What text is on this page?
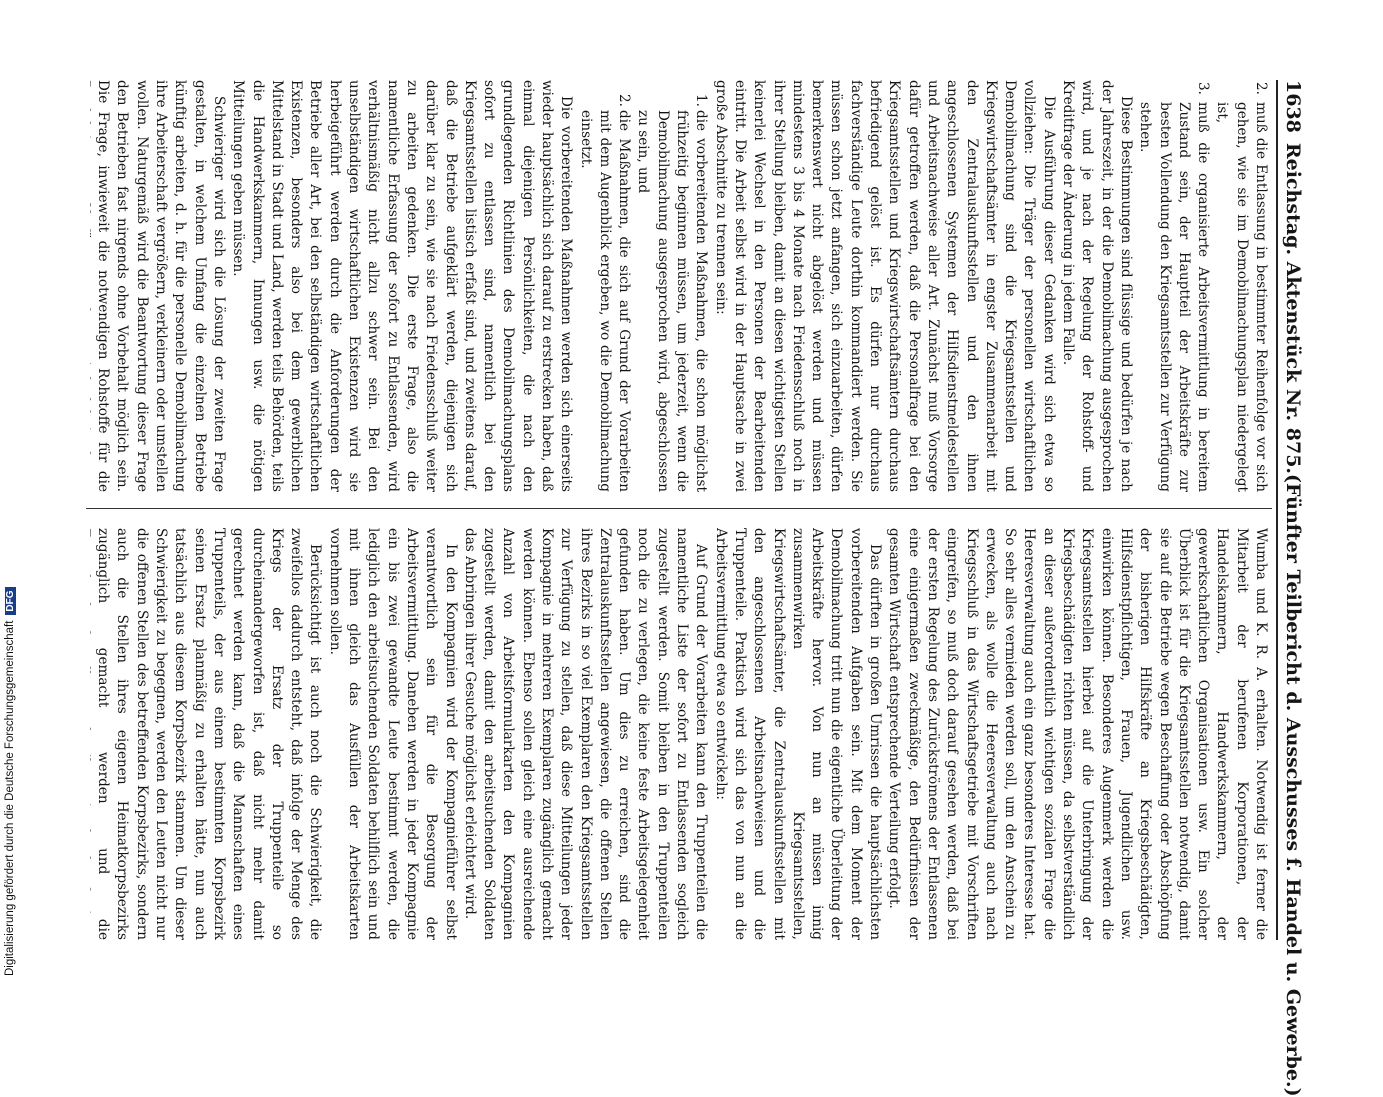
Digitalisierung gefördert durch die Deutsche ForschungsgemeinschaftDFG
1638
Reichstag. Aktenstück Nr. 875.
(Fünfter Teilbericht d. Ausschusses f. Handel u. Gewerbe.)

2.
muß die Entlassung in bestimmter Reihenfolge vor sich gehen, wie sie im Demobilmachungsplan niedergelegt ist,

3.
muß die organisierte Arbeitsvermittlung in bereitem Zustand sein, der Hauptteil der Arbeitskräfte zur besten Vollendung den Kriegsamtsstellen zur Verfügung stehen.

Diese Bestimmungen sind flüssige und bedürfen je nach der Jahreszeit, in der die Demobilmachung ausgesprochen wird, und je nach der Regelung der Rohstoff- und Kreditfrage der Änderung in jedem Falle.

Die Ausführung dieser Gedanken wird sich etwa so vollziehen: Die Träger der personellen wirtschaftlichen Demobilmachung sind die Kriegsamtsstellen und Kriegswirtschaftsämter in engster Zusammenarbeit mit den Zentralauskunftsstellen und den ihnen angeschlossenen Systemen der Hilfsdienstmeldestellen und Arbeitsnachweise aller Art. Zunächst muß Vorsorge dafür getroffen werden, daß die Personalfrage bei den Kriegsamtsstellen und Kriegswirtschaftsämtern durchaus befriedigend gelöst ist. Es dürfen nur durchaus fachverständige Leute dorthin kommandiert werden. Sie müssen schon jetzt anfangen, sich einzuarbeiten, dürfen bemerkenswert nicht abgelöst werden und müssen mindestens 3 bis 4 Monate nach Friedensschluß noch in ihrer Stellung bleiben, damit an diesen wichtigsten Stellen keinerlei Wechsel in den Personen der Bearbeitenden eintritt. Die Arbeit selbst wird in der Hauptsache in zwei große Abschnitte zu trennen sein:

1.
die vorbereitenden Maßnahmen, die schon möglichst frühzeitig beginnen müssen, um jederzeit, wenn die Demobilmachung ausgesprochen wird, abgeschlossen zu sein, und

2.
die Maßnahmen, die sich auf Grund der Vorarbeiten mit dem Augenblick ergeben, wo die Demobilmachung einsetzt.

Die vorbereitenden Maßnahmen werden sich einerseits wieder hauptsächlich sich darauf zu erstrecken haben, daß einmal diejenigen Persönlichkeiten, die nach den grundlegenden Richtlinien des Demobilmachungsplans sofort zu entlassen sind, namentlich bei den Kriegsamtsstellen listisch erfaßt sind, und zweitens darauf, daß die Betriebe aufgeklärt werden, diejenigen sich darüber klar zu sein, wie sie nach Friedensschluß weiter zu arbeiten gedenken. Die erste Frage, also die namentliche Erfassung der sofort zu Entlassenden, wird verhältnismäßig nicht allzu schwer sein. Bei den unselbständigen wirtschaftlichen Existenzen wird sie herbeigeführt werden durch die Anforderungen der Betriebe aller Art, bei den selbständigen wirtschaftlichen Existenzen, besonders also bei dem gewerblichen Mittelstand in Stadt und Land, werden teils Behörden, teils die Handwerkskammern, Innungen usw. die nötigen Mitteilungen geben müssen.

Schwieriger wird sich die Lösung der zweiten Frage gestalten, in welchem Umfang die einzelnen Betriebe künftig arbeiten, d. h. für die personelle Demobilmachung ihre Arbeiterschaft vergrößern, verkleinern oder umstellen wollen. Naturgemäß wird die Beantwortung dieser Frage den Betrieben fast nirgends ohne Vorbehalt möglich sein. Die Frage, inwieweit die notwendigen Rohstoffe für die

Wumba und K. R. A. erhalten. Notwendig ist ferner die Mitarbeit der berufenen Korporationen, der Handelskammern, Handwerkskammern, der gewerkschaftlichen Organisationen usw. Ein solcher Überblick ist für die Kriegsamtsstellen notwendig, damit sie auf die Betriebe wegen Beschaffung oder Abschöpfung der bisherigen Hilfskräfte an Kriegsbeschädigten, Hilfsdienstpflichtigen, Frauen, Jugendlichen usw. einwirken können. Besonderes Augenmerk werden die Kriegsamtsstellen hierbei auf die Unterbringung der Kriegsbeschädigten richten müssen, da selbstverständlich an dieser außerordentlich wichtigen sozialen Frage die Heeresverwaltung auch ein ganz besonderes Interesse hat. So sehr alles vermieden werden soll, um den Anschein zu erwecken, als wolle die Heeresverwaltung auch nach Kriegsschluß in das Wirtschaftsgetriebe mit Vorschriften eingreifen, so muß doch darauf gesehen werden, daß bei der ersten Regelung des Zurückströmens der Entlassenen eine einigermaßen zweckmäßige, den Bedürfnissen der gesamten Wirtschaft entsprechende Verteilung erfolgt.

Das dürften in großen Umrissen die hauptsächlichsten vorbereitenden Aufgaben sein. Mit dem Moment der Demobilmachung tritt nun die eigentliche Überleitung der Arbeitskräfte hervor. Von nun an müssen innig zusammenwirken Kriegsamtsstellen, Kriegswirtschaftsämter, die Zentralauskunftsstellen mit den angeschlossenen Arbeitsnachweisen und die Truppenteile. Praktisch wird sich das von nun an die Arbeitsvermittlung etwa so entwickeln:

Auf Grund der Vorarbeiten kann den Truppenteilen die namentliche Liste der sofort zu Entlassenden sogleich zugestellt werden. Somit bleiben in den Truppenteilen noch die zu verlegen, die keine feste Arbeitsgelegenheit gefunden haben. Um dies zu erreichen, sind die Zentralauskunftsstellen angewiesen, die offenen Stellen ihres Bezirks in so viel Exemplaren den Kriegsamtsstellen zur Verfügung zu stellen, daß diese Mitteilungen jeder Kompagnie in mehreren Exemplaren zugänglich gemacht werden können. Ebenso sollen gleich eine ausreichende Anzahl von Arbeitsformularkarten den Kompagnien zugestellt werden, damit den arbeitsuchenden Soldaten das Anbringen ihrer Gesuche möglichst erleichtert wird.

In den Kompagnien wird der Kompagnieführer selbst verantwortlich sein für die Besorgung der Arbeitsvermittlung. Daneben werden in jeder Kompagnie ein bis zwei gewandte Leute bestimmt werden, die lediglich den arbeitsuchenden Soldaten behilflich sein und mit ihnen gleich das Ausfüllen der Arbeitskarten vornehmen sollen.

Berücksichtigt ist auch noch die Schwierigkeit, die zweifellos dadurch entsteht, daß infolge der Menge des Kriegs der Ersatz der Truppenteile so durcheinandergeworfen ist, daß nicht mehr damit gerechnet werden kann, daß die Mannschaften eines Truppenteils, der aus einem bestimmten Korpsbezirk seinen Ersatz planmäßig zu erhalten hätte, nun auch tatsächlich aus diesem Korpsbezirk stammen. Um dieser Schwierigkeit zu begegnen, werden den Leuten nicht nur die offenen Stellen des betreffenden Korpsbezirks, sondern auch die Stellen ihres eigenen Heimatkorpsbezirks zugänglich gemacht werden und die
